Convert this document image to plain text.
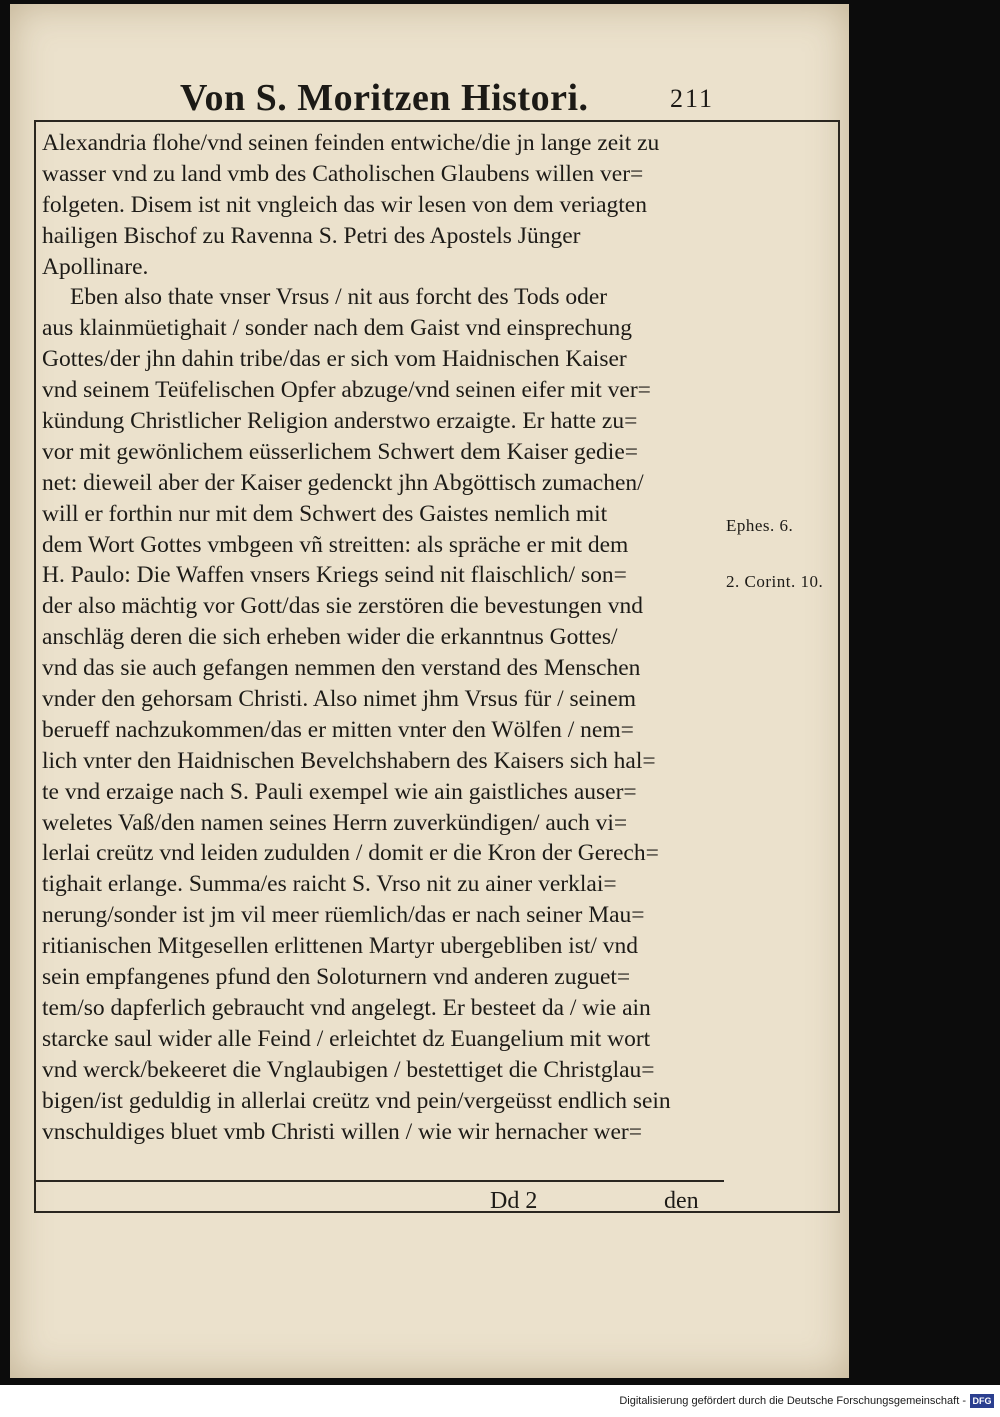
Von S. Moritzen Histori.	211
Alexandria flohe/vnd seinen feinden entwiche/die jn lange zeit zu
wasser vnd zu land vmb des Catholischen Glaubens willen ver=
folgeten. Disem ist nit vngleich das wir lesen von dem veriagten
hailigen Bischof zu Ravenna S. Petri des Apostels Jünger
Apollinare.
Eben also thate vnser Vrsus / nit aus forcht des Tods oder
aus klainmüetighait / sonder nach dem Gaist vnd einsprechung
Gottes/der jhn dahin tribe/das er sich vom Haidnischen Kaiser
vnd seinem Teüfelischen Opfer abzuge/vnd seinen eifer mit ver=
kündung Christlicher Religion anderstwo erzaigte. Er hatte zu=
vor mit gewönlichem eüsserlichem Schwert dem Kaiser gedie=
net: dieweil aber der Kaiser gedenckt jhn Abgöttisch zumachen/
will er forthin nur mit dem Schwert des Gaistes nemlich mit
dem Wort Gottes vmbgeen vñ streitten: als spräche er mit dem
H. Paulo: Die Waffen vnsers Kriegs seind nit flaischlich/ son=
der also mächtig vor Gott/das sie zerstören die bevestungen vnd
anschläg deren die sich erheben wider die erkanntnus Gottes/
vnd das sie auch gefangen nemmen den verstand des Menschen
vnder den gehorsam Christi. Also nimet jhm Vrsus für / seinem
berueff nachzukommen/das er mitten vnter den Wölfen / nem=
lich vnter den Haidnischen Bevelchshabern des Kaisers sich hal=
te vnd erzaige nach S. Pauli exempel wie ain gaistliches auser=
weletes Vaß/den namen seines Herrn zuverkündigen/ auch vi=
lerlai creütz vnd leiden zudulden / domit er die Kron der Gerech=
tighait erlange. Summa/es raicht S. Vrso nit zu ainer verklai=
nerung/sonder ist jm vil meer rüemlich/das er nach seiner Mau=
ritianischen Mitgesellen erlittenen Martyr ubergebliben ist/ vnd
sein empfangenes pfund den Soloturnern vnd anderen zuguet=
tem/so dapferlich gebraucht vnd angelegt. Er besteet da / wie ain
starcke saul wider alle Feind / erleichtet dz Euangelium mit wort
vnd werck/bekeeret die Vnglaubigen / bestettiget die Christglau=
bigen/ist geduldig in allerlai creütz vnd pein/vergeüsst endlich sein
vnschuldiges bluet vmb Christi willen / wie wir hernacher wer=
Ephes. 6.
2. Corint. 10.
Dd 2	den
Digitalisierung gefördert durch die Deutsche Forschungsgemeinschaft - DFG
